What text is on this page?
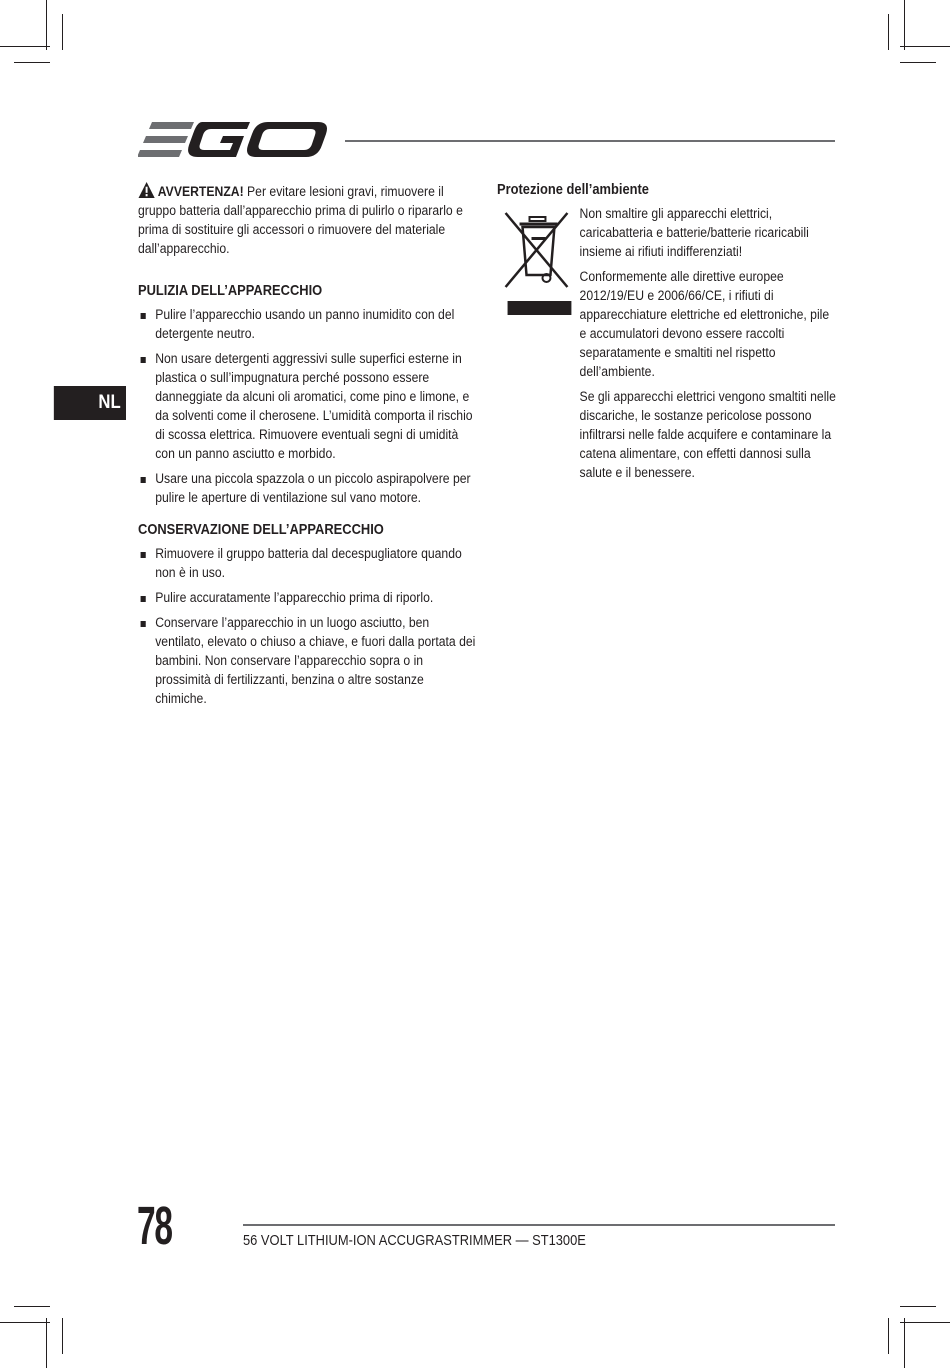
NL

AVVERTENZA! Per evitare lesioni gravi, rimuovere il gruppo batteria dall’apparecchio prima di pulirlo o ripararlo e prima di sostituire gli accessori o rimuovere del materiale dall’apparecchio.

PULIZIA DELL’APPARECCHIO
Pulire l’apparecchio usando un panno inumidito con del detergente neutro.
Non usare detergenti aggressivi sulle superfici esterne in plastica o sull’impugnatura perché possono essere danneggiate da alcuni oli aromatici, come pino e limone, e da solventi come il cherosene. L’umidità comporta il rischio di scossa elettrica. Rimuovere eventuali segni di umidità con un panno asciutto e morbido.
Usare una piccola spazzola o un piccolo aspirapolvere per pulire le aperture di ventilazione sul vano motore.
CONSERVAZIONE DELL’APPARECCHIO
Rimuovere il gruppo batteria dal decespugliatore quando non è in uso.
Pulire accuratamente l’apparecchio prima di riporlo.
Conservare l’apparecchio in un luogo asciutto, ben ventilato, elevato o chiuso a chiave, e fuori dalla portata dei bambini. Non conservare l’apparecchio sopra o in prossimità di fertilizzanti, benzina o altre sostanze chimiche.
Protezione dell’ambiente

Non smaltire gli apparecchi elettrici, caricabatteria e batterie/batterie ricaricabili insieme ai rifiuti indifferenziati!

Conformemente alle direttive europee 2012/19/EU e 2006/66/CE, i rifiuti di apparecchiature elettriche ed elettroniche, pile e accumulatori devono essere raccolti separatamente e smaltiti nel rispetto dell’ambiente.

Se gli apparecchi elettrici vengono smaltiti nelle discariche, le sostanze pericolose possono infiltrarsi nelle falde acquifere e contaminare la catena alimentare, con effetti dannosi sulla salute e il benessere.

78	56 VOLT LITHIUM-ION ACCUGRASTRIMMER — ST1300E
